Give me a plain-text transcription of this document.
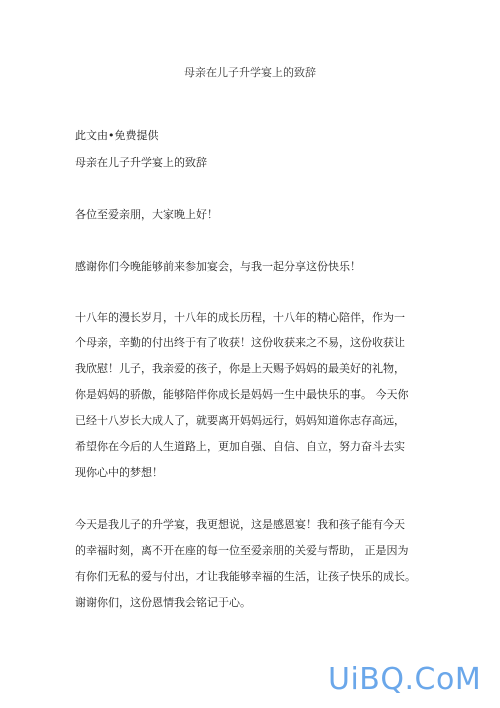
母亲在儿子升学宴上的致辞
此文由•免费提供
母亲在儿子升学宴上的致辞
各位至爱亲朋，大家晚上好！
感谢你们今晚能够前来参加宴会，与我一起分享这份快乐！
十八年的漫长岁月，十八年的成长历程，十八年的精心陪伴，作为一
个母亲，辛勤的付出终于有了收获！这份收获来之不易，这份收获让
我欣慰！儿子，我亲爱的孩子，你是上天赐予妈妈的最美好的礼物，
你是妈妈的骄傲，能够陪伴你成长是妈妈一生中最快乐的事。 今天你
已经十八岁长大成人了，就要离开妈妈远行，妈妈知道你志存高远，
希望你在今后的人生道路上，更加自强、自信、自立，努力奋斗去实
现你心中的梦想！
今天是我儿子的升学宴，我更想说，这是感恩宴！我和孩子能有今天
的幸福时刻，离不开在座的每一位至爱亲朋的关爱与帮助， 正是因为
有你们无私的爱与付出，才让我能够幸福的生活，让孩子快乐的成长。
谢谢你们，这份恩情我会铭记于心。
UiBQ.CoM
